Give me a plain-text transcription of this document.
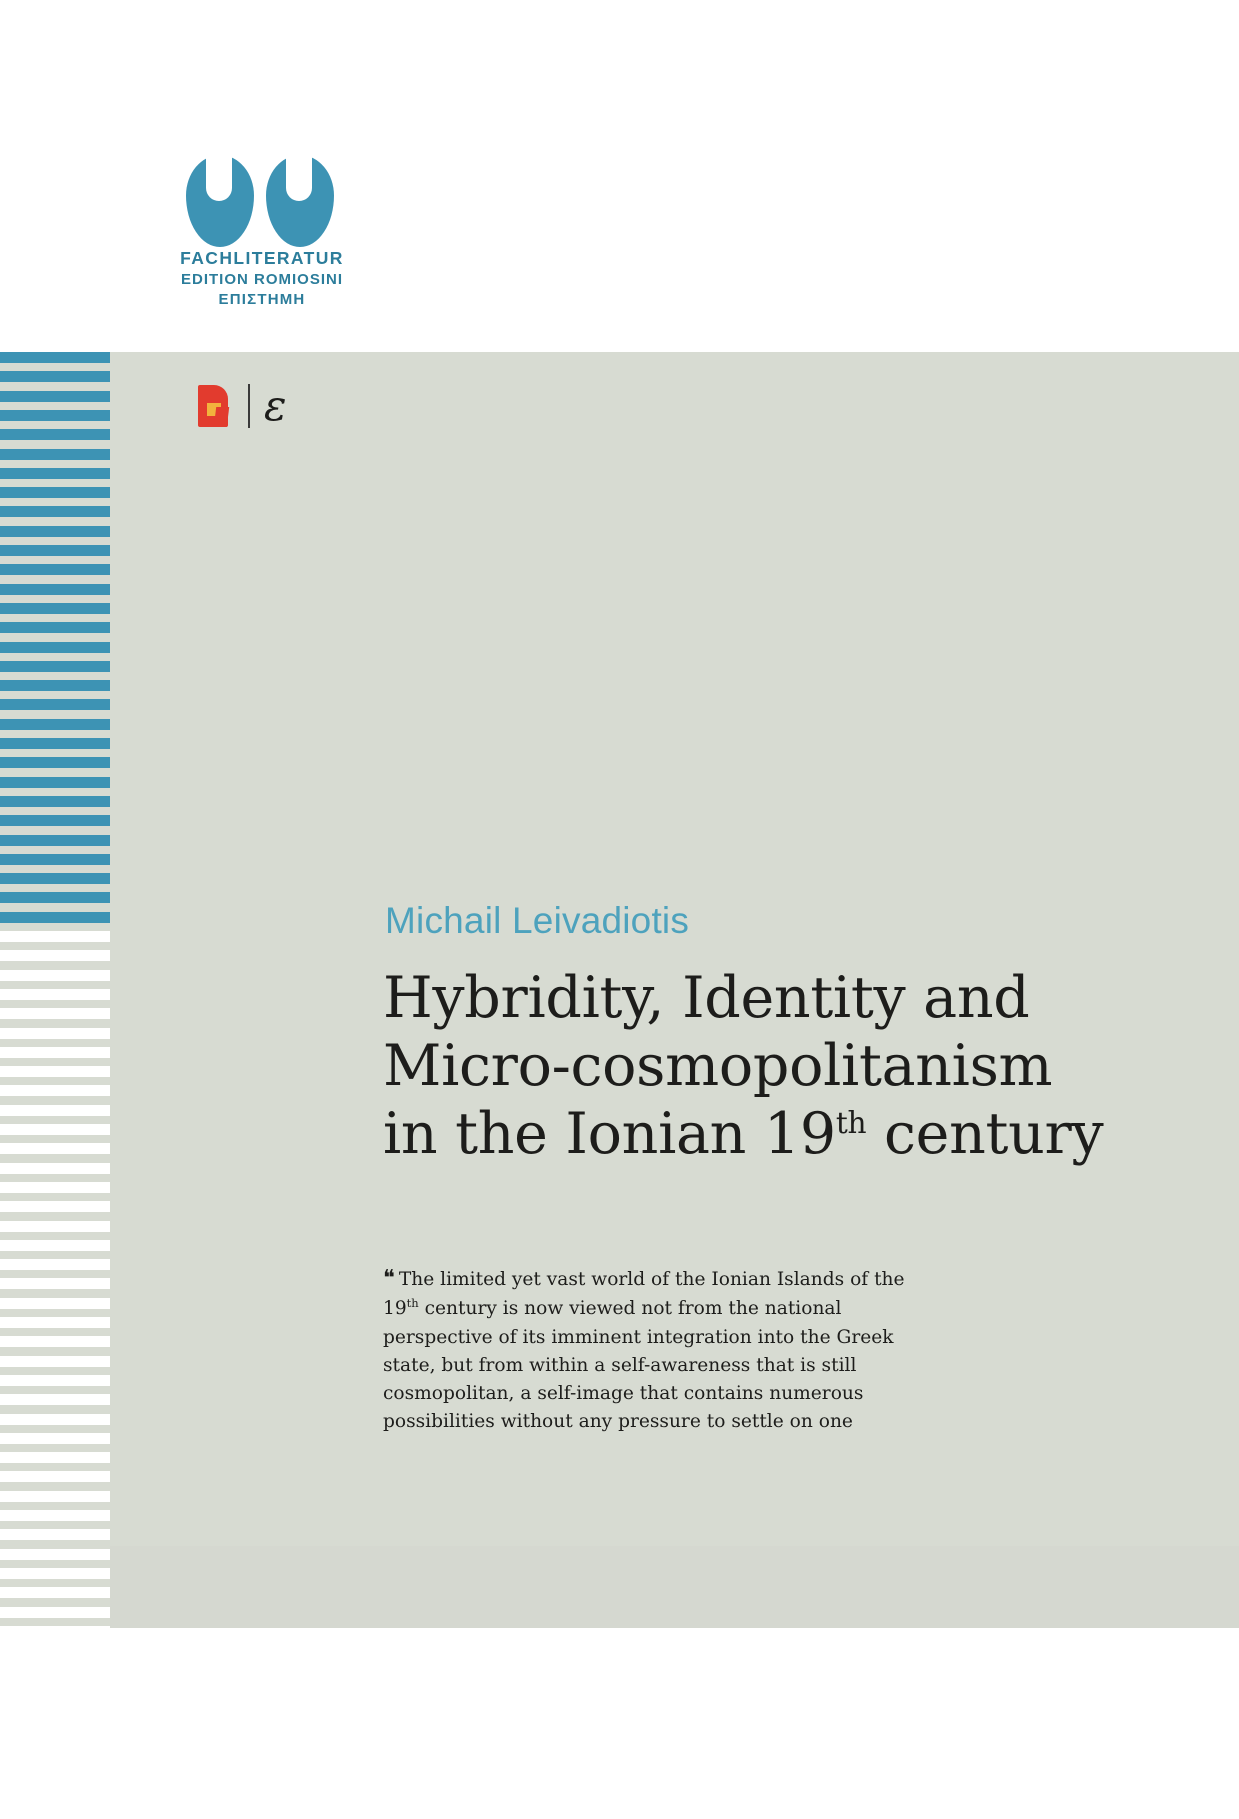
FACHLITERATUR
EDITION ROMIOSINI
ΕΠΙΣΤΗΜΗ
ε
Michail Leivadiotis
Hybridity, Identity and
Micro-cosmopolitanism
in the Ionian 19th century
❝ The limited yet vast world of the Ionian Islands of the 19th century is now viewed not from the national perspective of its imminent integration into the Greek state, but from within a self-awareness that is still cosmopolitan, a self-image that contains numerous possibilities without any pressure to settle on one
